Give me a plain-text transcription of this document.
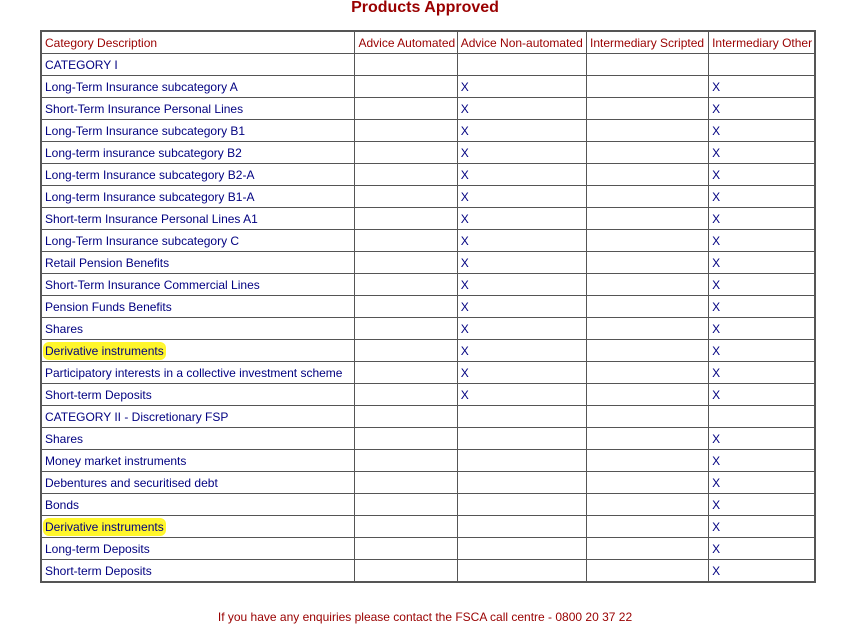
Products Approved
Category Description	Advice Automated	Advice Non-automated	Intermediary Scripted	Intermediary Other
CATEGORY I				
Long-Term Insurance subcategory A		X		X
Short-Term Insurance Personal Lines		X		X
Long-Term Insurance subcategory B1		X		X
Long-term insurance subcategory B2		X		X
Long-term Insurance subcategory B2-A		X		X
Long-term Insurance subcategory B1-A		X		X
Short-term Insurance Personal Lines A1		X		X
Long-Term Insurance subcategory C		X		X
Retail Pension Benefits		X		X
Short-Term Insurance Commercial Lines		X		X
Pension Funds Benefits		X		X
Shares		X		X
Derivative instruments		X		X
Participatory interests in a collective investment scheme		X		X
Short-term Deposits		X		X
CATEGORY II - Discretionary FSP				
Shares				X
Money market instruments				X
Debentures and securitised debt				X
Bonds				X
Derivative instruments				X
Long-term Deposits				X
Short-term Deposits				X
If you have any enquiries please contact the FSCA call centre - 0800 20 37 22
